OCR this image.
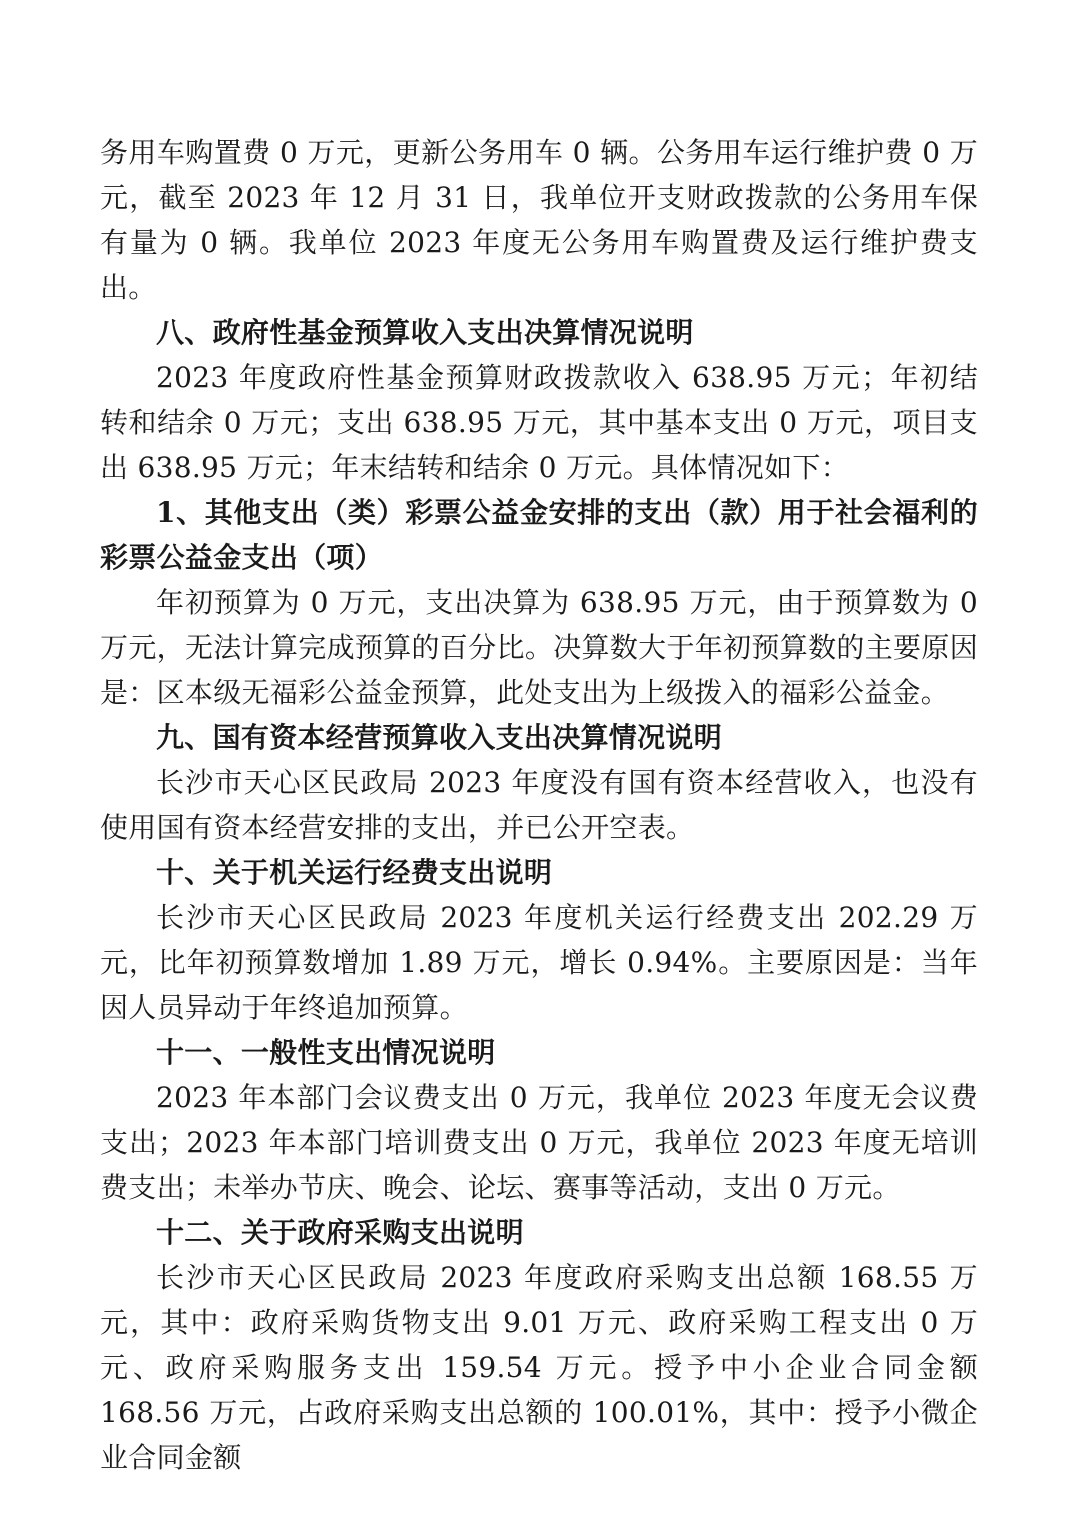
务用车购置费 0 万元，更新公务用车 0 辆。公务用车运行维护费 0 万元，截至 2023 年 12 月 31 日，我单位开支财政拨款的公务用车保有量为 0 辆。我单位 2023 年度无公务用车购置费及运行维护费支出。

八、政府性基金预算收入支出决算情况说明

2023 年度政府性基金预算财政拨款收入 638.95 万元；年初结转和结余 0 万元；支出 638.95 万元，其中基本支出 0 万元，项目支出 638.95 万元；年末结转和结余 0 万元。具体情况如下：

1、其他支出（类）彩票公益金安排的支出（款）用于社会福利的彩票公益金支出（项）

年初预算为 0 万元，支出决算为 638.95 万元，由于预算数为 0 万元，无法计算完成预算的百分比。决算数大于年初预算数的主要原因是：区本级无福彩公益金预算，此处支出为上级拨入的福彩公益金。

九、国有资本经营预算收入支出决算情况说明

长沙市天心区民政局 2023 年度没有国有资本经营收入，也没有使用国有资本经营安排的支出，并已公开空表。

十、关于机关运行经费支出说明

长沙市天心区民政局 2023 年度机关运行经费支出 202.29 万元，比年初预算数增加 1.89 万元，增长 0.94%。主要原因是：当年因人员异动于年终追加预算。

十一、一般性支出情况说明

2023 年本部门会议费支出 0 万元，我单位 2023 年度无会议费支出；2023 年本部门培训费支出 0 万元，我单位 2023 年度无培训费支出；未举办节庆、晚会、论坛、赛事等活动，支出 0 万元。

十二、关于政府采购支出说明

长沙市天心区民政局 2023 年度政府采购支出总额 168.55 万元，其中：政府采购货物支出 9.01 万元、政府采购工程支出 0 万元、政府采购服务支出 159.54 万元。授予中小企业合同金额 168.56 万元，占政府采购支出总额的 100.01%，其中：授予小微企业合同金额
